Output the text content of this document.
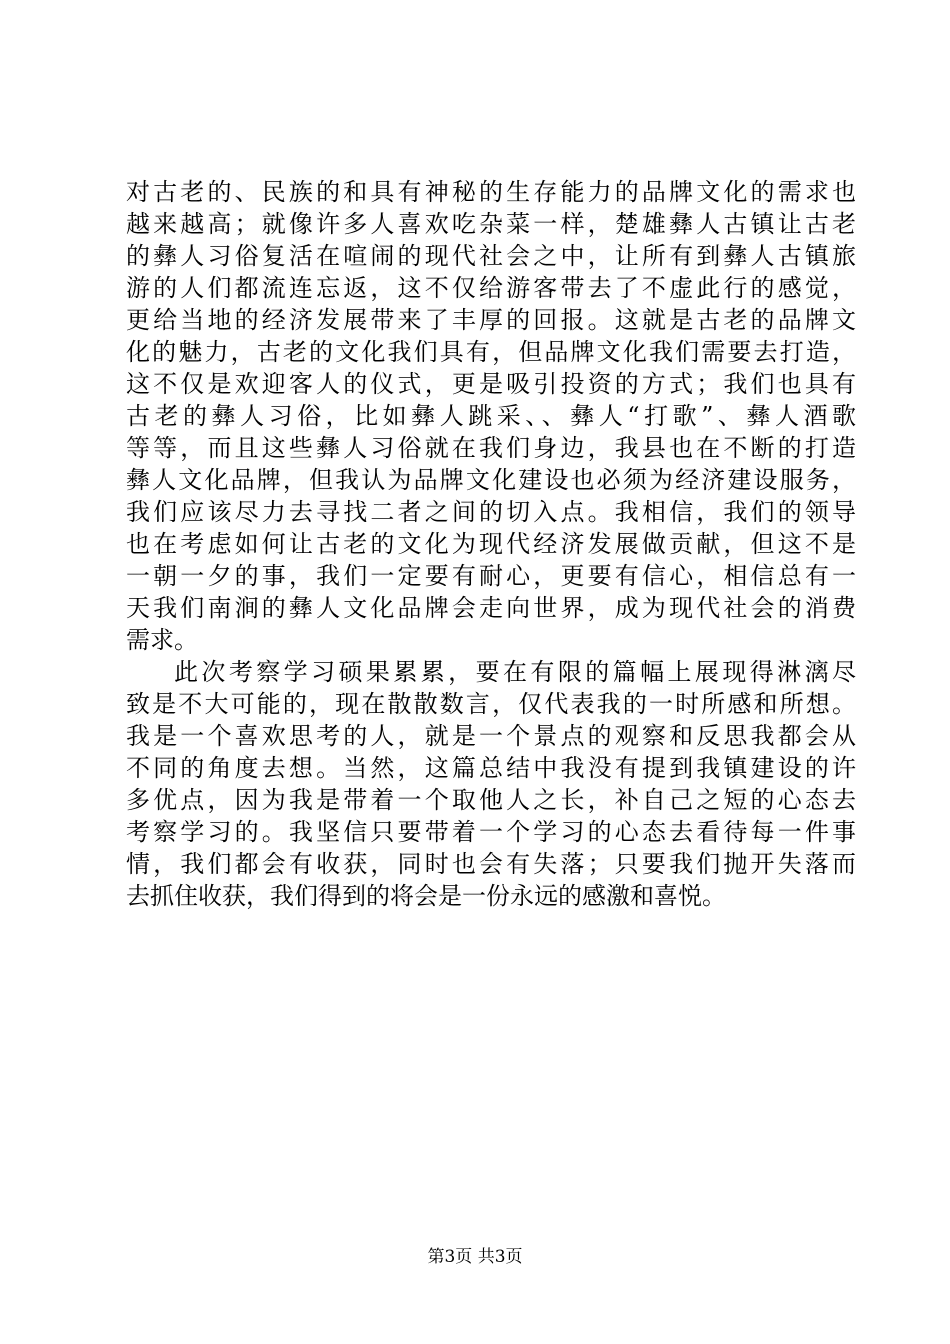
对古老的、民族的和具有神秘的生存能力的品牌文化的需求也
越来越高；就像许多人喜欢吃杂菜一样，楚雄彝人古镇让古老
的彝人习俗复活在喧闹的现代社会之中，让所有到彝人古镇旅
游的人们都流连忘返，这不仅给游客带去了不虚此行的感觉，
更给当地的经济发展带来了丰厚的回报。这就是古老的品牌文
化的魅力，古老的文化我们具有，但品牌文化我们需要去打造，
这不仅是欢迎客人的仪式，更是吸引投资的方式；我们也具有
古老的彝人习俗，比如彝人跳采、、彝人“打歌”、彝人酒歌
等等，而且这些彝人习俗就在我们身边，我县也在不断的打造
彝人文化品牌，但我认为品牌文化建设也必须为经济建设服务，
我们应该尽力去寻找二者之间的切入点。我相信，我们的领导
也在考虑如何让古老的文化为现代经济发展做贡献，但这不是
一朝一夕的事，我们一定要有耐心，更要有信心，相信总有一
天我们南涧的彝人文化品牌会走向世界，成为现代社会的消费
需求。
此次考察学习硕果累累，要在有限的篇幅上展现得淋漓尽
致是不大可能的，现在散散数言，仅代表我的一时所感和所想。
我是一个喜欢思考的人，就是一个景点的观察和反思我都会从
不同的角度去想。当然，这篇总结中我没有提到我镇建设的许
多优点，因为我是带着一个取他人之长，补自己之短的心态去
考察学习的。我坚信只要带着一个学习的心态去看待每一件事
情，我们都会有收获，同时也会有失落；只要我们抛开失落而
去抓住收获，我们得到的将会是一份永远的感激和喜悦。
第3页 共3页
